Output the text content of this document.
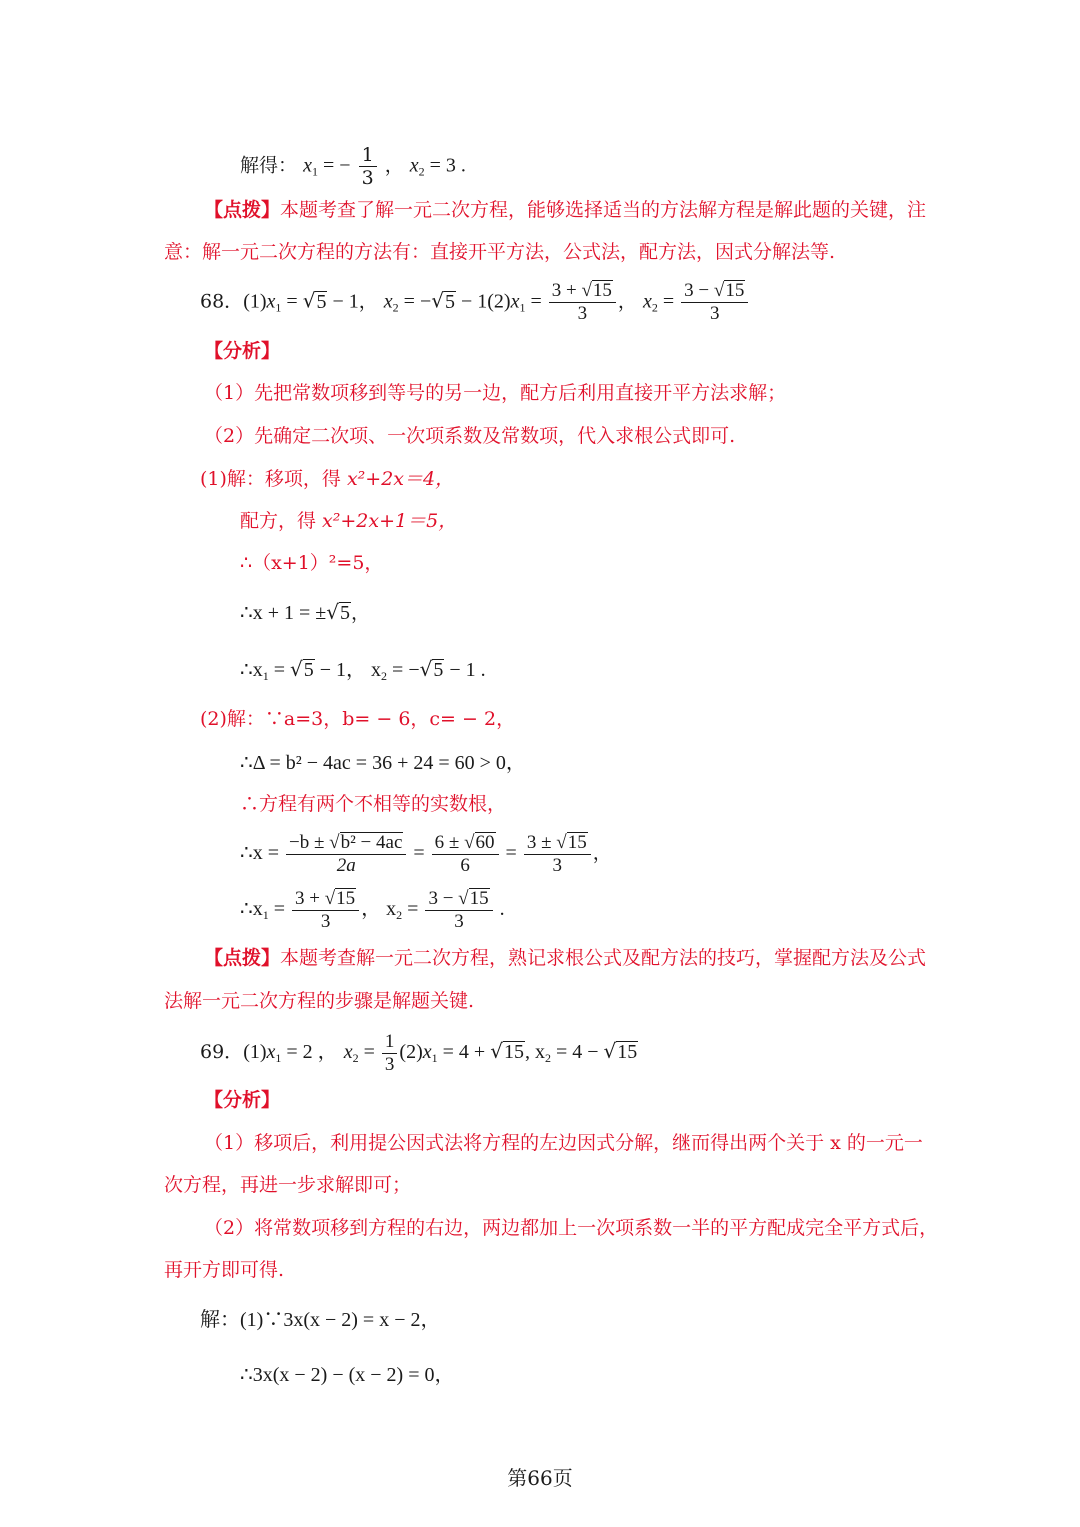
解得： $x_1$ = − $\frac{1}{3}$ ， $x_2 = 3$ .
【点拨】本题考查了解一元二次方程，能够选择适当的方法解方程是解此题的关键，注
意：解一元二次方程的方法有：直接开平方法，公式法，配方法，因式分解法等.
68．$(1)x_1 = √5 - 1$， $x_2 = -√5 - 1(2)x_1 = \frac{3 + √15}{3}$ ， $x_2 = \frac{3 - √15}{3}$
【分析】
（1）先把常数项移到等号的另一边，配方后利用直接开平方法求解；
（2）先确定二次项、一次项系数及常数项，代入求根公式即可.
(1)解：移项，得 x²+2x＝4，
配方，得 x²+2x+1＝5，
∴（x+1）²=5，
∴x + 1 = ±√5，
$\therefore x_1 = √5 - 1$， $x_2 = -√5 - 1$ .
(2)解：∵a=3，b= − 6，c= − 2，
∴Δ = b² − 4ac = 36 + 24 = 60 > 0，
∴方程有两个不相等的实数根，
∴x = $\frac{\text{−b ± √b² − 4ac}}{2a} = \frac{6 \pm √60}{6} = \frac{3 \pm √15}{3}$ ，
$\therefore x_1 = \frac{3 + √15}{3}$ ， $x_2 = \frac{3 - √15}{3}$ .
【点拨】本题考查解一元二次方程，熟记求根公式及配方法的技巧，掌握配方法及公式
法解一元二次方程的步骤是解题关键.
69．$(1)x_1 = 2$ ， $x_2 = \frac{1}{3} (2)x_1 = 4 + √15$, $x_2 = 4 - √15$
【分析】
（1）移项后，利用提公因式法将方程的左边因式分解，继而得出两个关于 x 的一元一
次方程，再进一步求解即可；
（2）将常数项移到方程的右边，两边都加上一次项系数一半的平方配成完全平方式后，
再开方即可得.
解：(1)∵3x(x − 2) = x − 2，
∴3x(x − 2) − (x − 2) = 0，
第66页
